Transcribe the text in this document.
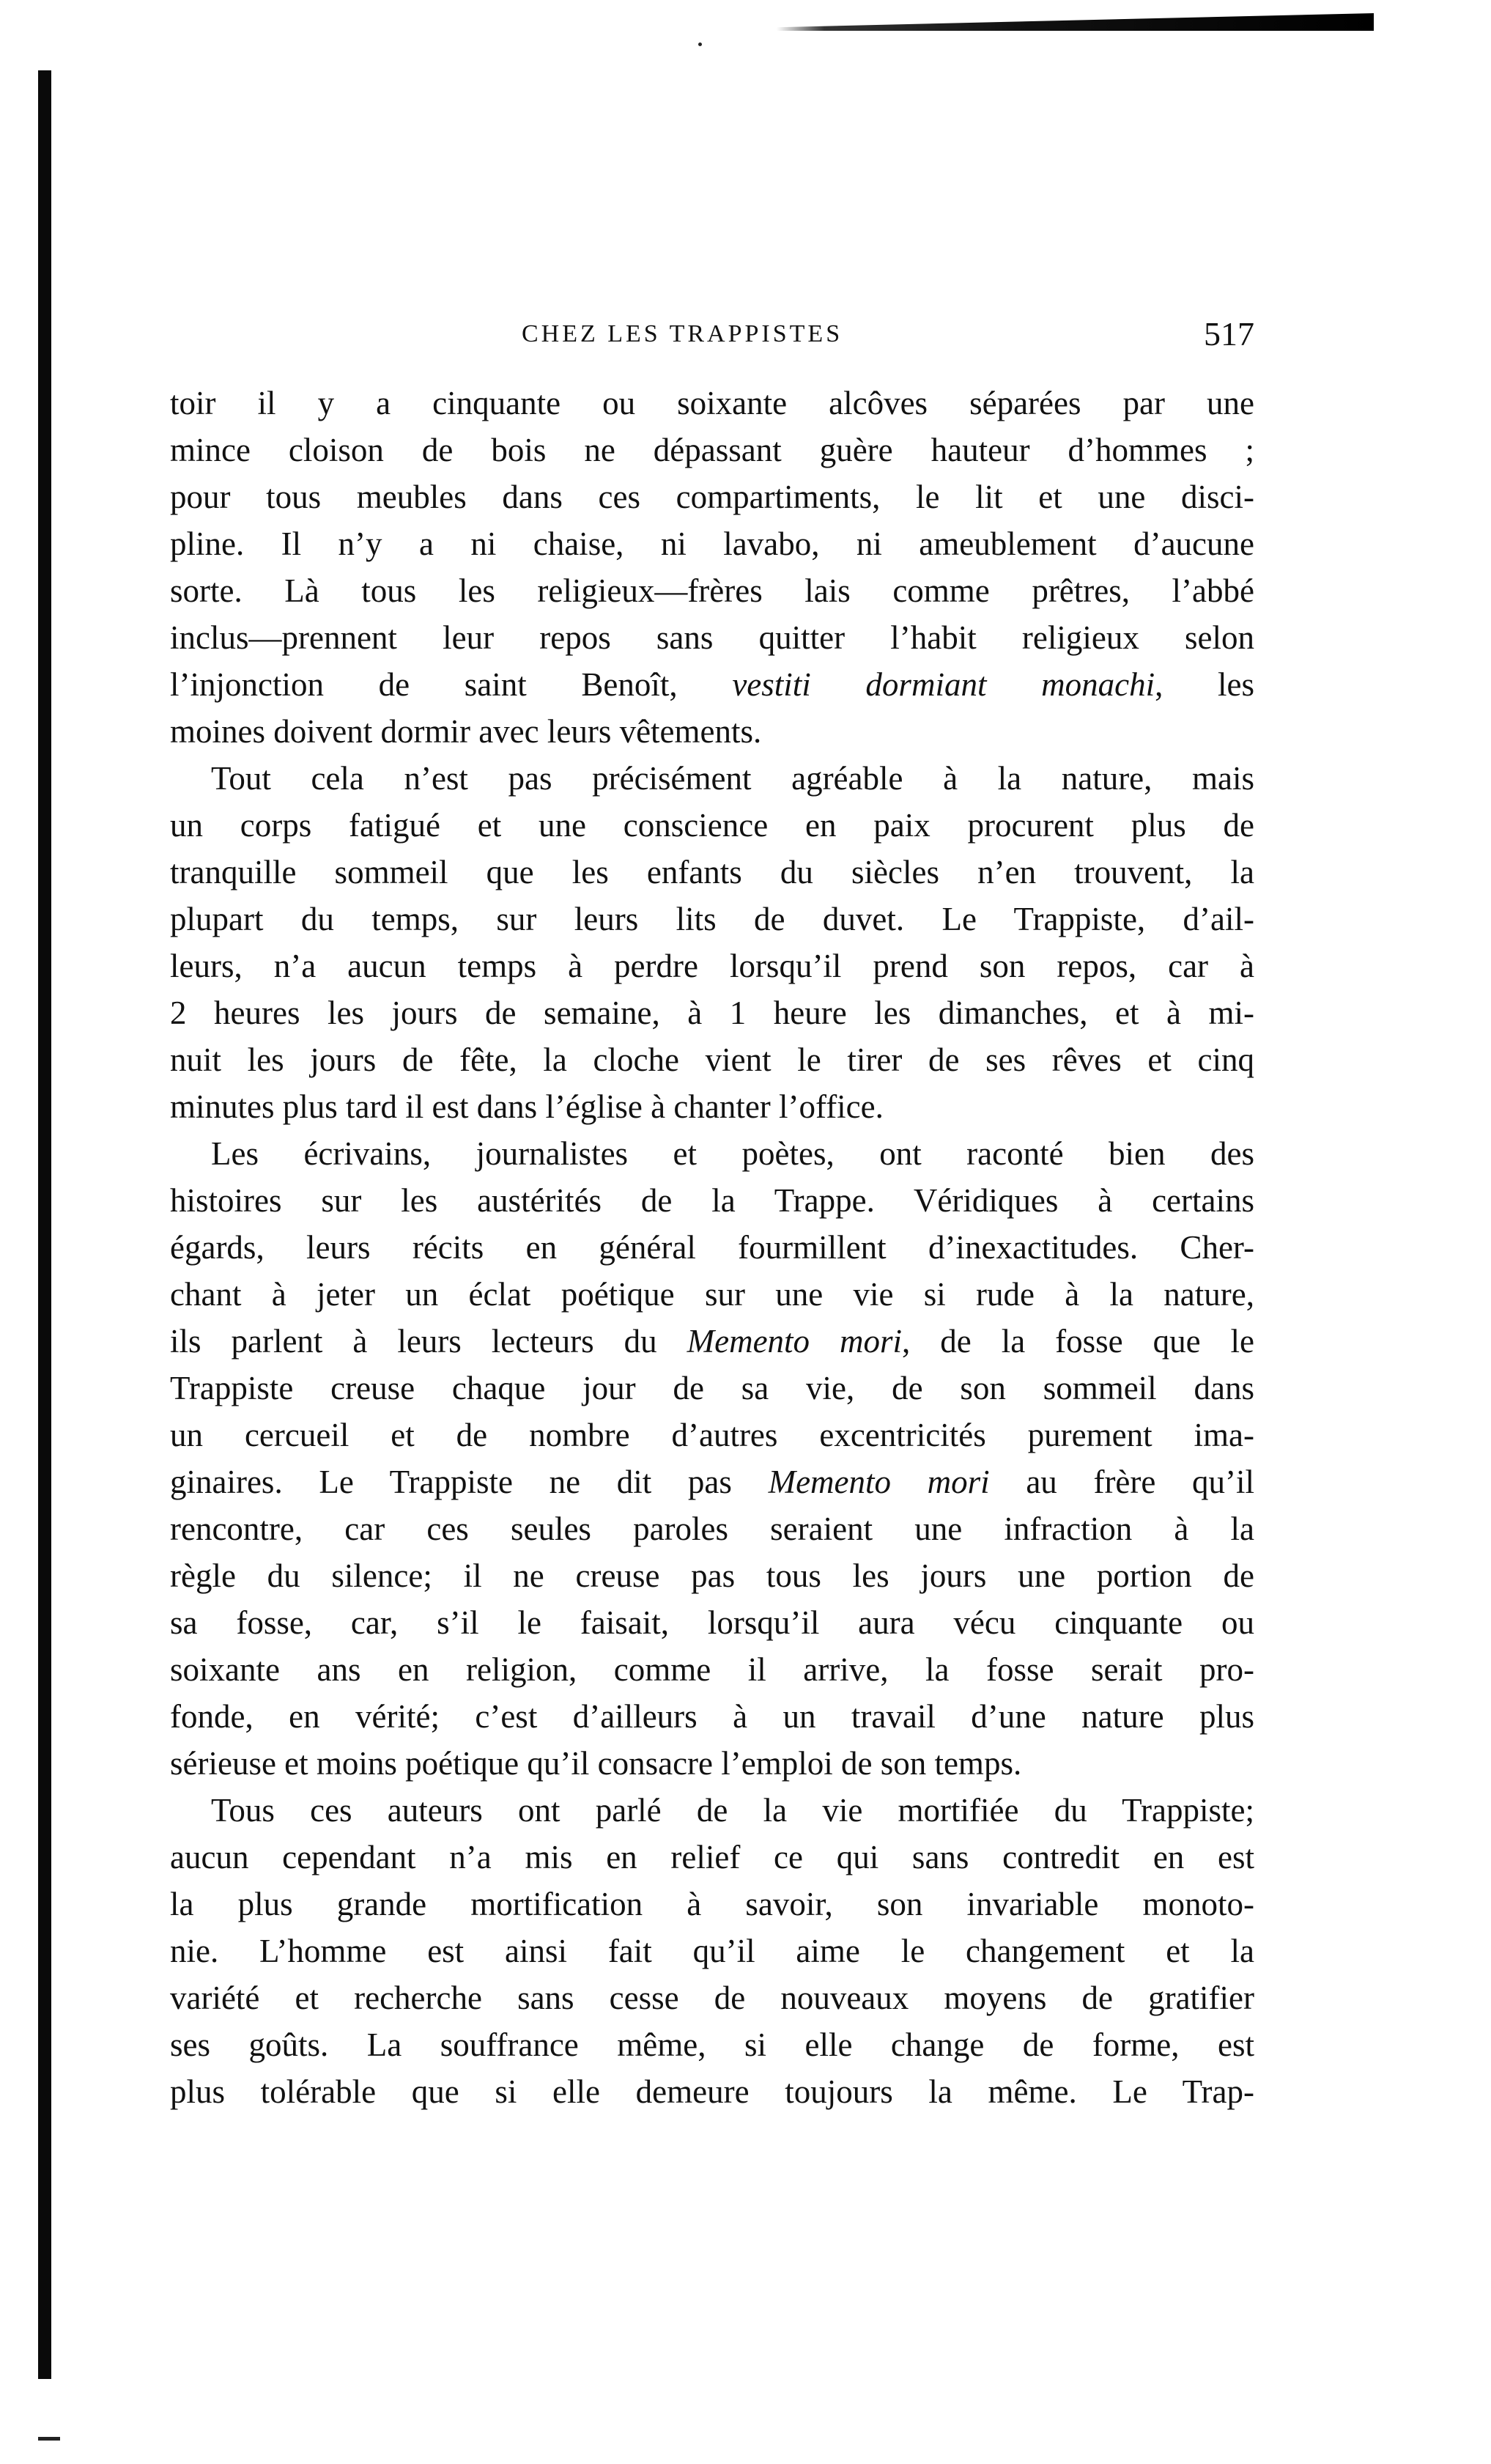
CHEZ LES TRAPPISTES	517
toir il y a cinquante ou soixante alcôves séparées par une
mince cloison de bois ne dépassant guère hauteur d’hommes ;
pour tous meubles dans ces compartiments, le lit et une disci-
pline. Il n’y a ni chaise, ni lavabo, ni ameublement d’aucune
sorte. Là tous les religieux—frères lais comme prêtres, l’abbé
inclus—prennent leur repos sans quitter l’habit religieux selon
l’injonction de saint Benoît, vestiti dormiant monachi, les
moines doivent dormir avec leurs vêtements.
Tout cela n’est pas précisément agréable à la nature, mais
un corps fatigué et une conscience en paix procurent plus de
tranquille sommeil que les enfants du siècles n’en trouvent, la
plupart du temps, sur leurs lits de duvet. Le Trappiste, d’ail-
leurs, n’a aucun temps à perdre lorsqu’il prend son repos, car à
2 heures les jours de semaine, à 1 heure les dimanches, et à mi-
nuit les jours de fête, la cloche vient le tirer de ses rêves et cinq
minutes plus tard il est dans l’église à chanter l’office.
Les écrivains, journalistes et poètes, ont raconté bien des
histoires sur les austérités de la Trappe. Véridiques à certains
égards, leurs récits en général fourmillent d’inexactitudes. Cher-
chant à jeter un éclat poétique sur une vie si rude à la nature,
ils parlent à leurs lecteurs du Memento mori, de la fosse que le
Trappiste creuse chaque jour de sa vie, de son sommeil dans
un cercueil et de nombre d’autres excentricités purement ima-
ginaires. Le Trappiste ne dit pas Memento mori au frère qu’il
rencontre, car ces seules paroles seraient une infraction à la
règle du silence; il ne creuse pas tous les jours une portion de
sa fosse, car, s’il le faisait, lorsqu’il aura vécu cinquante ou
soixante ans en religion, comme il arrive, la fosse serait pro-
fonde, en vérité; c’est d’ailleurs à un travail d’une nature plus
sérieuse et moins poétique qu’il consacre l’emploi de son temps.
Tous ces auteurs ont parlé de la vie mortifiée du Trappiste;
aucun cependant n’a mis en relief ce qui sans contredit en est
la plus grande mortification à savoir, son invariable monoto-
nie. L’homme est ainsi fait qu’il aime le changement et la
variété et recherche sans cesse de nouveaux moyens de gratifier
ses goûts. La souffrance même, si elle change de forme, est
plus tolérable que si elle demeure toujours la même. Le Trap-
